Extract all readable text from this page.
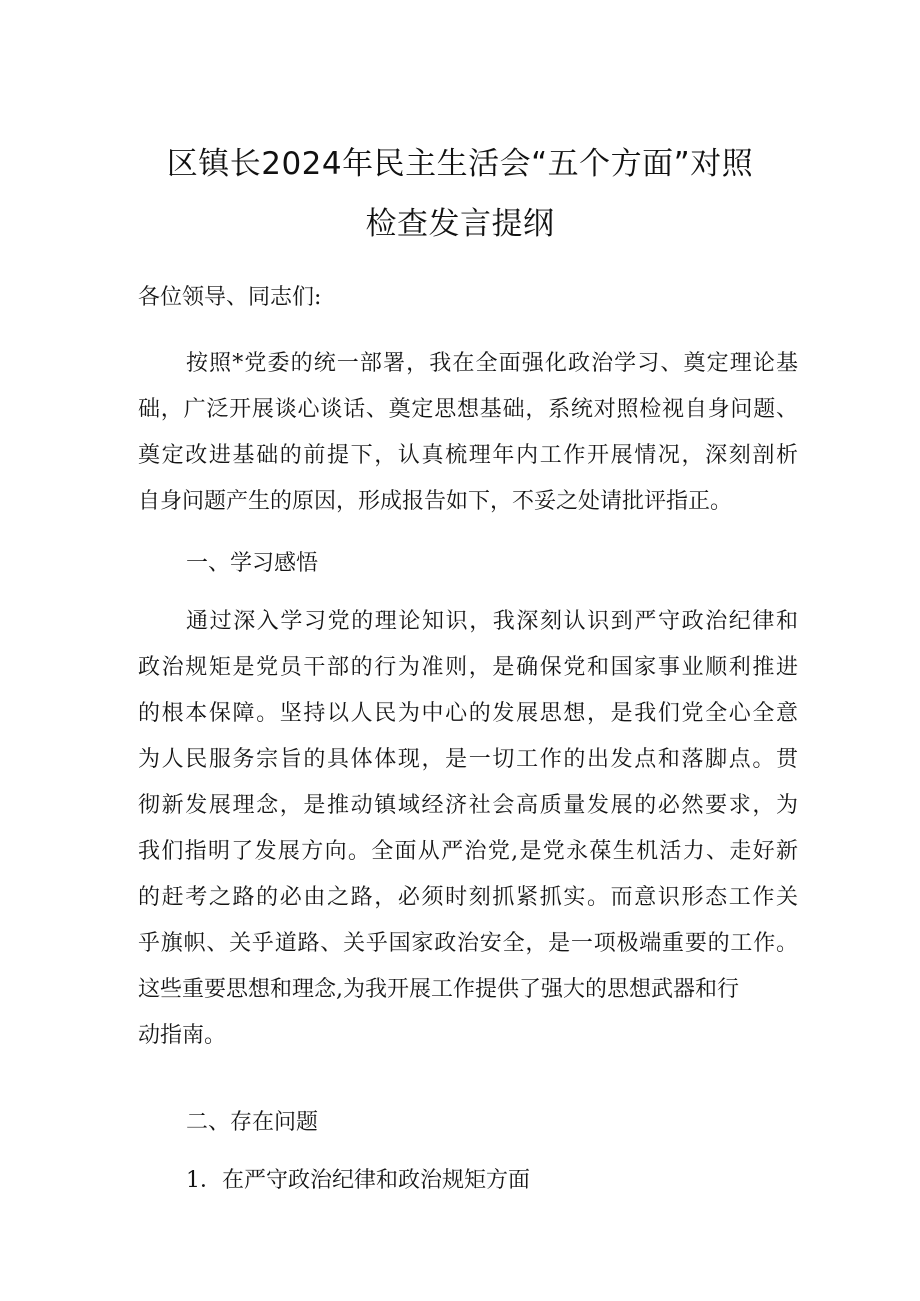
区镇长2024年民主生活会“五个方面”对照
检查发言提纲
各位领导、同志们:
按照*党委的统一部署，我在全面强化政治学习、奠定理论基
础，广泛开展谈心谈话、奠定思想基础，系统对照检视自身问题、
奠定改进基础的前提下，认真梳理年内工作开展情况，深刻剖析
自身问题产生的原因，形成报告如下，不妥之处请批评指正。
一、学习感悟
通过深入学习党的理论知识，我深刻认识到严守政治纪律和
政治规矩是党员干部的行为准则，是确保党和国家事业顺利推进
的根本保障。坚持以人民为中心的发展思想，是我们党全心全意
为人民服务宗旨的具体体现，是一切工作的出发点和落脚点。贯
彻新发展理念，是推动镇域经济社会高质量发展的必然要求，为
我们指明了发展方向。全面从严治党,是党永葆生机活力、走好新
的赶考之路的必由之路，必须时刻抓紧抓实。而意识形态工作关
乎旗帜、关乎道路、关乎国家政治安全，是一项极端重要的工作。
这些重要思想和理念,为我开展工作提供了强大的思想武器和行
动指南。
二、存在问题
1．在严守政治纪律和政治规矩方面
